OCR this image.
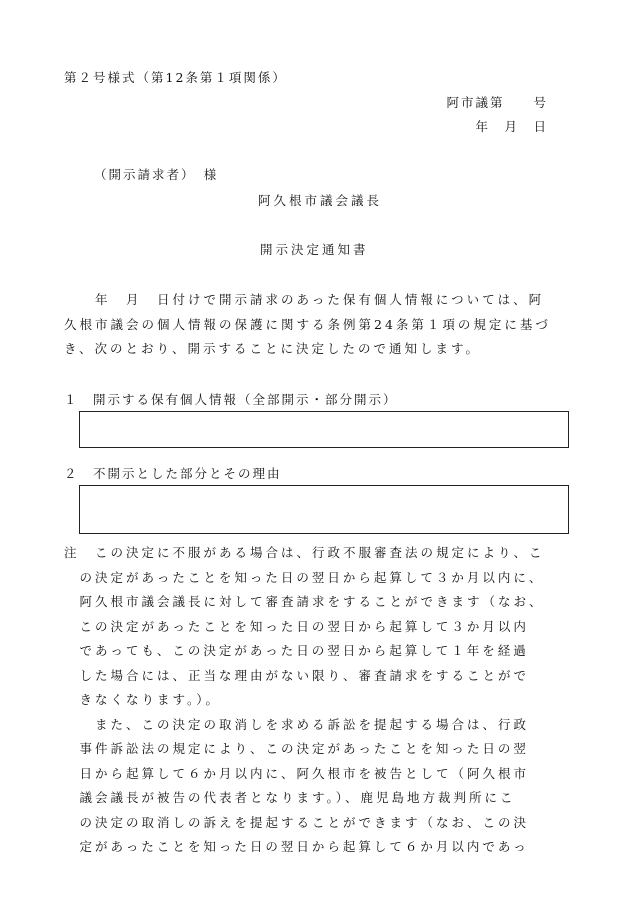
第２号様式（第12条第１項関係）
阿市議第　　号
年　月　日
（開示請求者）　様
阿久根市議会議長
開示決定通知書
　　年　月　日付けで開示請求のあった保有個人情報については、阿
久根市議会の個人情報の保護に関する条例第24条第１項の規定に基づ
き、次のとおり、開示することに決定したので通知します。
１　開示する保有個人情報（全部開示・部分開示）
２　不開示とした部分とその理由
注　この決定に不服がある場合は、行政不服審査法の規定により、こ
　の決定があったことを知った日の翌日から起算して３か月以内に、
　阿久根市議会議長に対して審査請求をすることができます（なお、
　この決定があったことを知った日の翌日から起算して３か月以内
　であっても、この決定があった日の翌日から起算して１年を経過
　した場合には、正当な理由がない限り、審査請求をすることがで
　きなくなります。）。
　　また、この決定の取消しを求める訴訟を提起する場合は、行政
　事件訴訟法の規定により、この決定があったことを知った日の翌
　日から起算して６か月以内に、阿久根市を被告として（阿久根市
　議会議長が被告の代表者となります。）、鹿児島地方裁判所にこ
　の決定の取消しの訴えを提起することができます（なお、この決
　定があったことを知った日の翌日から起算して６か月以内であっ
